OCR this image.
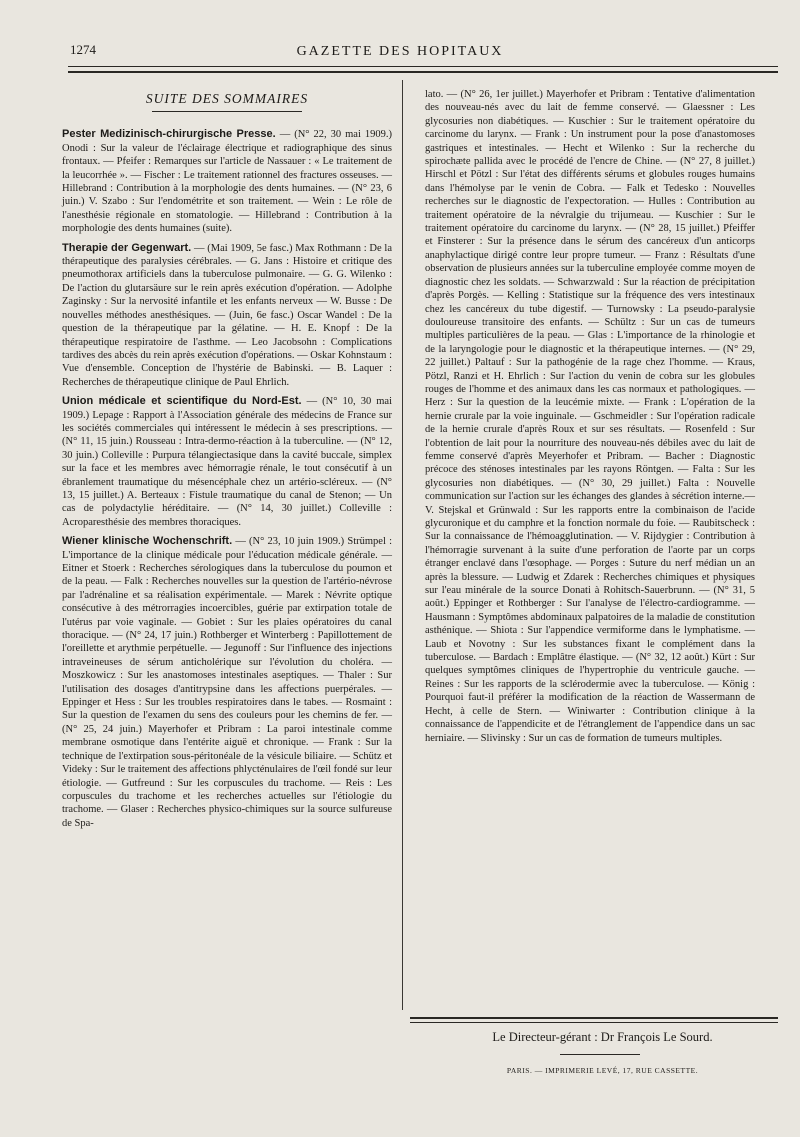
1274	GAZETTE DES HOPITAUX
SUITE DES SOMMAIRES

Pester Medizinisch-chirurgische Presse. — (N° 22, 30 mai 1909.) Onodi : Sur la valeur de l'éclairage électrique et radiographique des sinus frontaux. — Pfeifer : Remarques sur l'article de Nassauer : « Le traitement de la leucorrhée ». — Fischer : Le traitement rationnel des fractures osseuses. — Hillebrand : Contribution à la morphologie des dents humaines. — (N° 23, 6 juin.) V. Szabo : Sur l'endométrite et son traitement. — Wein : Le rôle de l'anesthésie régionale en stomatologie. — Hillebrand : Contribution à la morphologie des dents humaines (suite).

Therapie der Gegenwart. — (Mai 1909, 5e fasc.) Max Rothmann : De la thérapeutique des paralysies cérébrales. — G. Jans : Histoire et critique des pneumothorax artificiels dans la tuberculose pulmonaire. — G. G. Wilenko : De l'action du glutarsäure sur le rein après exécution d'opération. — Adolphe Zaginsky : Sur la nervosité infantile et les enfants nerveux — W. Busse : De nouvelles méthodes anesthésiques. — (Juin, 6e fasc.) Oscar Wandel : De la question de la thérapeutique par la gélatine. — H. E. Knopf : De la thérapeutique respiratoire de l'asthme. — Leo Jacobsohn : Complications tardives des abcès du rein après exécution d'opérations. — Oskar Kohnstaum : Vue d'ensemble. Conception de l'hystérie de Babinski. — B. Laquer : Recherches de thérapeutique clinique de Paul Ehrlich.

Union médicale et scientifique du Nord-Est. — (N° 10, 30 mai 1909.) Lepage : Rapport à l'Association générale des médecins de France sur les sociétés commerciales qui intéressent le médecin à ses prescriptions. — (N° 11, 15 juin.) Rousseau : Intra-dermo-réaction à la tuberculine. — (N° 12, 30 juin.) Colleville : Purpura télangiectasique dans la cavité buccale, simplex sur la face et les membres avec hémorragie rénale, le tout consécutif à un ébranlement traumatique du mésencéphale chez un artério-scléreux. — (N° 13, 15 juillet.) A. Berteaux : Fistule traumatique du canal de Stenon; — Un cas de polydactylie héréditaire. — (N° 14, 30 juillet.) Colleville : Acroparesthésie des membres thoraciques.

Wiener klinische Wochenschrift. — (N° 23, 10 juin 1909.) Strümpel : L'importance de la clinique médicale pour l'éducation médicale générale. — Eitner et Stoerk : Recherches sérologiques dans la tuberculose du poumon et de la peau. — Falk : Recherches nouvelles sur la question de l'artério-névrose par l'adrénaline et sa réalisation expérimentale. — Marek : Névrite optique consécutive à des métrorragies incoercibles, guérie par extirpation totale de l'utérus par voie vaginale. — Gobiet : Sur les plaies opératoires du canal thoracique. — (N° 24, 17 juin.) Rothberger et Winterberg : Papillottement de l'oreillette et arythmie perpétuelle. — Jegunoff : Sur l'influence des injections intraveineuses de sérum anticholérique sur l'évolution du choléra. — Moszkowicz : Sur les anastomoses intestinales aseptiques. — Thaler : Sur l'utilisation des dosages d'antitrypsine dans les affections puerpérales. — Eppinger et Hess : Sur les troubles respiratoires dans le tabes. — Rosmaint : Sur la question de l'examen du sens des couleurs pour les chemins de fer. — (N° 25, 24 juin.) Mayerhofer et Pribram : La paroi intestinale comme membrane osmotique dans l'entérite aiguë et chronique. — Frank : Sur la technique de l'extirpation sous-péritonéale de la vésicule biliaire. — Schütz et Videky : Sur le traitement des affections phlycténulaires de l'œil fondé sur leur étiologie. — Gutfreund : Sur les corpuscules du trachome. — Reis : Les corpuscules du trachome et les recherches actuelles sur l'étiologie du trachome. — Glaser : Recherches physico-chimiques sur la source sulfureuse de Spa-

lato. — (N° 26, 1er juillet.) Mayerhofer et Pribram : Tentative d'alimentation des nouveau-nés avec du lait de femme conservé. — Glaessner : Les glycosuries non diabétiques. — Kuschier : Sur le traitement opératoire du carcinome du larynx. — Frank : Un instrument pour la pose d'anastomoses gastriques et intestinales. — Hecht et Wilenko : Sur la recherche du spirochæte pallida avec le procédé de l'encre de Chine. — (N° 27, 8 juillet.) Hirschl et Pötzl : Sur l'état des différents sérums et globules rouges humains dans l'hémolyse par le venin de Cobra. — Falk et Tedesko : Nouvelles recherches sur le diagnostic de l'expectoration. — Hulles : Contribution au traitement opératoire de la névralgie du trijumeau. — Kuschier : Sur le traitement opératoire du carcinome du larynx. — (N° 28, 15 juillet.) Pfeiffer et Finsterer : Sur la présence dans le sérum des cancéreux d'un anticorps anaphylactique dirigé contre leur propre tumeur. — Franz : Résultats d'une observation de plusieurs années sur la tuberculine employée comme moyen de diagnostic chez les soldats. — Schwarzwald : Sur la réaction de précipitation d'après Porgès. — Kelling : Statistique sur la fréquence des vers intestinaux chez les cancéreux du tube digestif. — Turnowsky : La pseudo-paralysie douloureuse transitoire des enfants. — Schültz : Sur un cas de tumeurs multiples particulières de la peau. — Glas : L'importance de la rhinologie et de la laryngologie pour le diagnostic et la thérapeutique internes. — (N° 29, 22 juillet.) Paltauf : Sur la pathogénie de la rage chez l'homme. — Kraus, Pötzl, Ranzi et H. Ehrlich : Sur l'action du venin de cobra sur les globules rouges de l'homme et des animaux dans les cas normaux et pathologiques. — Herz : Sur la question de la leucémie mixte. — Frank : L'opération de la hernie crurale par la voie inguinale. — Gschmeidler : Sur l'opération radicale de la hernie crurale d'après Roux et sur ses résultats. — Rosenfeld : Sur l'obtention de lait pour la nourriture des nouveau-nés débiles avec du lait de femme conservé d'après Meyerhofer et Pribram. — Bacher : Diagnostic précoce des sténoses intestinales par les rayons Röntgen. — Falta : Sur les glycosuries non diabétiques. — (N° 30, 29 juillet.) Falta : Nouvelle communication sur l'action sur les échanges des glandes à sécrétion interne.— V. Stejskal et Grünwald : Sur les rapports entre la combinaison de l'acide glycuronique et du camphre et la fonction normale du foie. — Raubitscheck : Sur la connaissance de l'hémoagglutination. — V. Rijdygier : Contribution à l'hémorragie survenant à la suite d'une perforation de l'aorte par un corps étranger enclavé dans l'œsophage. — Porges : Suture du nerf médian un an après la blessure. — Ludwig et Zdarek : Recherches chimiques et physiques sur l'eau minérale de la source Donati à Rohitsch-Sauerbrunn. — (N° 31, 5 août.) Eppinger et Rothberger : Sur l'analyse de l'électro-cardiogramme. — Hausmann : Symptômes abdominaux palpatoires de la maladie de constitution asthénique. — Shiota : Sur l'appendice vermiforme dans le lymphatisme. — Laub et Novotny : Sur les substances fixant le complément dans la tuberculose. — Bardach : Emplâtre élastique. — (N° 32, 12 août.) Kürt : Sur quelques symptômes cliniques de l'hypertrophie du ventricule gauche. — Reines : Sur les rapports de la sclérodermie avec la tuberculose. — König : Pourquoi faut-il préférer la modification de la réaction de Wassermann de Hecht, à celle de Stern. — Winiwarter : Contribution clinique à la connaissance de l'appendicite et de l'étranglement de l'appendice dans un sac herniaire. — Slivinsky : Sur un cas de formation de tumeurs multiples.

Le Directeur-gérant : Dr François Le Sourd.
PARIS. — IMPRIMERIE LEVÉ, 17, RUE CASSETTE.
